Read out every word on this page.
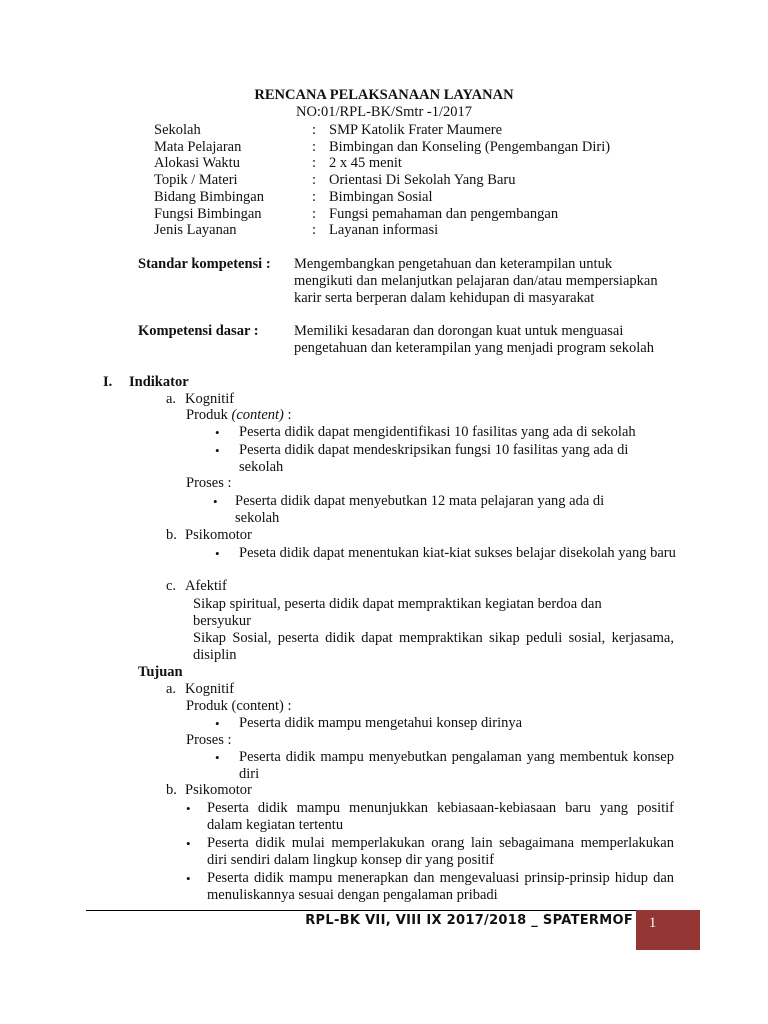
RENCANA PELAKSANAAN LAYANAN
NO:01/RPL-BK/Smtr -1/2017
Sekolah	: SMP Katolik Frater Maumere
Mata Pelajaran	: Bimbingan dan Konseling (Pengembangan Diri)
Alokasi Waktu	: 2 x 45 menit
Topik / Materi	: Orientasi Di Sekolah Yang Baru
Bidang Bimbingan	: Bimbingan Sosial
Fungsi Bimbingan	: Fungsi pemahaman dan pengembangan
Jenis Layanan	: Layanan informasi
Standar kompetensi : Mengembangkan pengetahuan dan keterampilan untuk mengikuti dan melanjutkan pelajaran dan/atau mempersiapkan karir serta berperan dalam kehidupan di masyarakat
Kompetensi dasar : Memiliki kesadaran dan dorongan kuat untuk menguasai pengetahuan dan keterampilan yang menjadi program sekolah
I. Indikator
a. Kognitif
Produk (content) :
• Peserta didik dapat mengidentifikasi 10 fasilitas yang ada di sekolah
• Peserta didik dapat mendeskripsikan fungsi 10 fasilitas yang ada di sekolah
Proses :
• Peserta didik dapat menyebutkan 12 mata pelajaran yang ada di sekolah
b. Psikomotor
• Peseta didik dapat menentukan kiat-kiat sukses belajar disekolah yang baru
c. Afektif
Sikap spiritual, peserta didik dapat mempraktikan kegiatan berdoa dan bersyukur
Sikap Sosial, peserta didik dapat mempraktikan sikap peduli sosial, kerjasama, disiplin
Tujuan
a. Kognitif
Produk (content) :
• Peserta didik mampu mengetahui konsep dirinya
Proses :
• Peserta didik mampu menyebutkan pengalaman yang membentuk konsep diri
b. Psikomotor
• Peserta didik mampu menunjukkan kebiasaan-kebiasaan baru yang positif dalam kegiatan tertentu
• Peserta didik mulai memperlakukan orang lain sebagaimana memperlakukan diri sendiri dalam lingkup konsep dir yang positif
• Peserta didik mampu menerapkan dan mengevaluasi prinsip-prinsip hidup dan menuliskannya sesuai dengan pengalaman pribadi
RPL-BK VII, VIII IX 2017/2018 _ SPATERMOF 1
